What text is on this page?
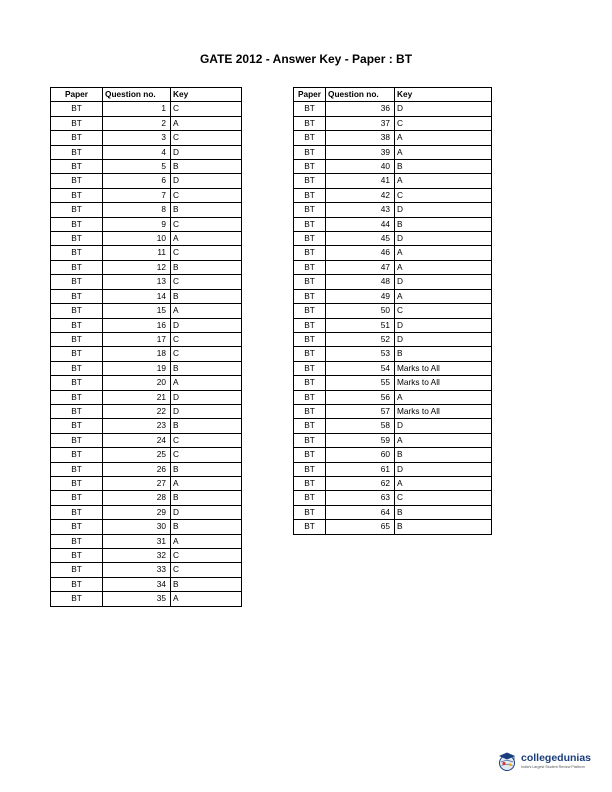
GATE 2012 - Answer Key - Paper : BT
Paper	Question no.	Key
BT	1	C
BT	2	A
BT	3	C
BT	4	D
BT	5	B
BT	6	D
BT	7	C
BT	8	B
BT	9	C
BT	10	A
BT	11	C
BT	12	B
BT	13	C
BT	14	B
BT	15	A
BT	16	D
BT	17	C
BT	18	C
BT	19	B
BT	20	A
BT	21	D
BT	22	D
BT	23	B
BT	24	C
BT	25	C
BT	26	B
BT	27	A
BT	28	B
BT	29	D
BT	30	B
BT	31	A
BT	32	C
BT	33	C
BT	34	B
BT	35	A
Paper	Question no.	Key
BT	36	D
BT	37	C
BT	38	A
BT	39	A
BT	40	B
BT	41	A
BT	42	C
BT	43	D
BT	44	B
BT	45	D
BT	46	A
BT	47	A
BT	48	D
BT	49	A
BT	50	C
BT	51	D
BT	52	D
BT	53	B
BT	54	Marks to All
BT	55	Marks to All
BT	56	A
BT	57	Marks to All
BT	58	D
BT	59	A
BT	60	B
BT	61	D
BT	62	A
BT	63	C
BT	64	B
BT	65	B
collegedunias
India's Largest Student Review Platform
